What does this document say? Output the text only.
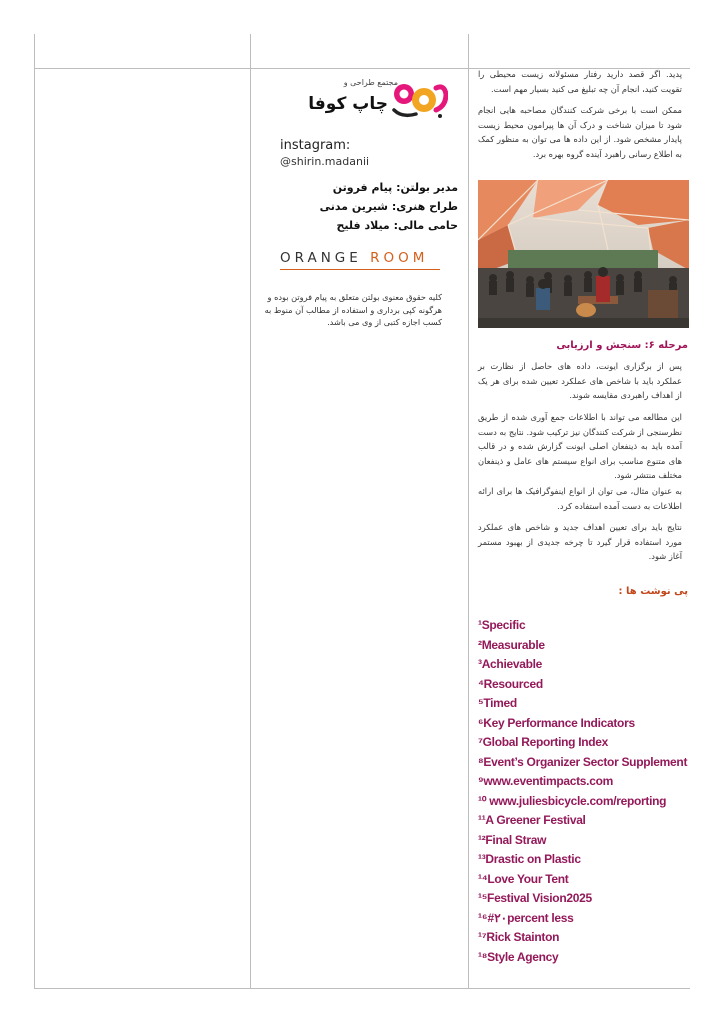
مجتمع طراحی و
چاپ کوفا
instagram:
@shirin.madanii
مدیر بولتن: پیام فروتن
طراح هنری: شیرین مدنی
حامی مالی: میلاد فلیح
ORANGE ROOM
کلیه حقوق معنوی بولتن متعلق به پیام فروتن بوده و هرگونه کپی برداری و استفاده از مطالب آن منوط به کسب اجازه کتبی از وی می باشد.
پدید. اگر قصد دارید رفتار مسئولانه زیست محیطی را تقویت کنید، انجام آن چه تبلیغ می کنید بسیار مهم است.
ممکن است با برخی شرکت کنندگان مصاحبه هایی انجام شود تا میزان شناخت و درک آن ها پیرامون محیط زیست پایدار مشخص شود. از این داده ها می توان به منظور کمک به اطلاع رسانی راهبرد آینده گروه بهره برد.
مرحله ۶: سنجش و ارزیابی
پس از برگزاری ایونت، داده های حاصل از نظارت بر عملکرد باید با شاخص های عملکرد تعیین شده برای هر یک از اهداف راهبردی مقایسه شوند.
این مطالعه می تواند با اطلاعات جمع آوری شده از طریق نظرسنجی از شرکت کنندگان نیز ترکیب شود. نتایج به دست آمده باید به ذینفعان اصلی ایونت گزارش شده و در قالب های متنوع مناسب برای انواع سیستم های عامل و ذینفعان مختلف منتشر شود.
به عنوان مثال، می توان از انواع اینفوگرافیک ها برای ارائه اطلاعات به دست آمده استفاده کرد.
نتایج باید برای تعیین اهداف جدید و شاخص های عملکرد مورد استفاده قرار گیرد تا چرخه جدیدی از بهبود مستمر آغاز شود.
پی نوشت ها :
¹Specific
²Measurable
³Achievable
⁴Resourced
⁵Timed
⁶Key Performance Indicators
⁷Global Reporting Index
⁸Event’s Organizer Sector Supplement
⁹www.eventimpacts.com
¹⁰ www.juliesbicycle.com/reporting
¹¹A Greener Festival
¹²Final Straw
¹³Drastic on Plastic
¹⁴Love Your Tent
¹⁵Festival Vision2025
¹⁶#۲۰percent less
¹⁷Rick Stainton
¹⁸Style Agency
